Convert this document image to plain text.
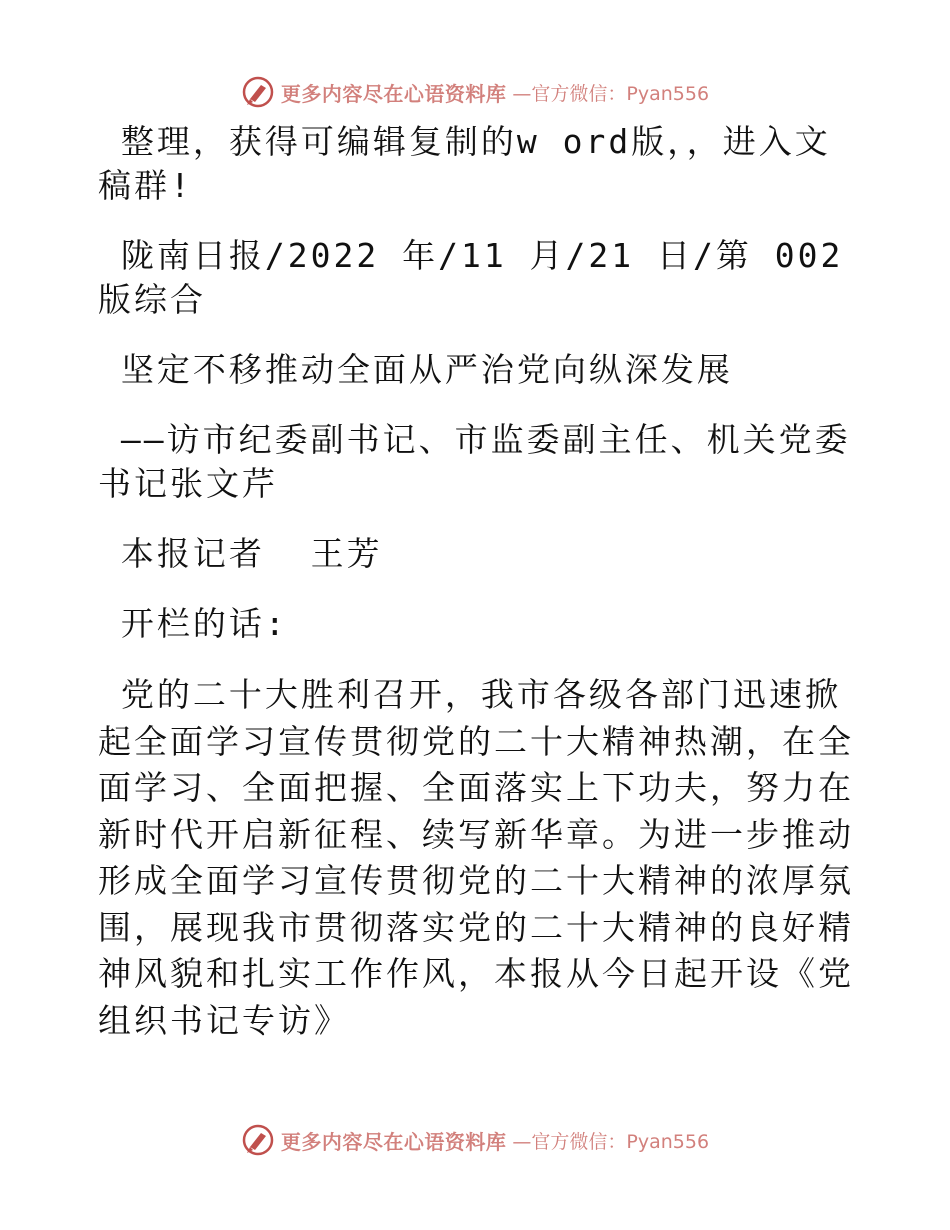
更多内容尽在心语资料库 —官方微信：Pyan556

整理，获得可编辑复制的w ord版，，进入文稿群!

陇南日报/2022 年/11 月/21 日/第 002 版综合

坚定不移推动全面从严治党向纵深发展

——访市纪委副书记、市监委副主任、机关党委书记张文芹

本报记者  王芳

开栏的话:

党的二十大胜利召开，我市各级各部门迅速掀起全面学习宣传贯彻党的二十大精神热潮，在全面学习、全面把握、全面落实上下功夫，努力在新时代开启新征程、续写新华章。为进一步推动形成全面学习宣传贯彻党的二十大精神的浓厚氛围，展现我市贯彻落实党的二十大精神的良好精神风貌和扎实工作作风，本报从今日起开设《党组织书记专访》

更多内容尽在心语资料库 —官方微信：Pyan556
